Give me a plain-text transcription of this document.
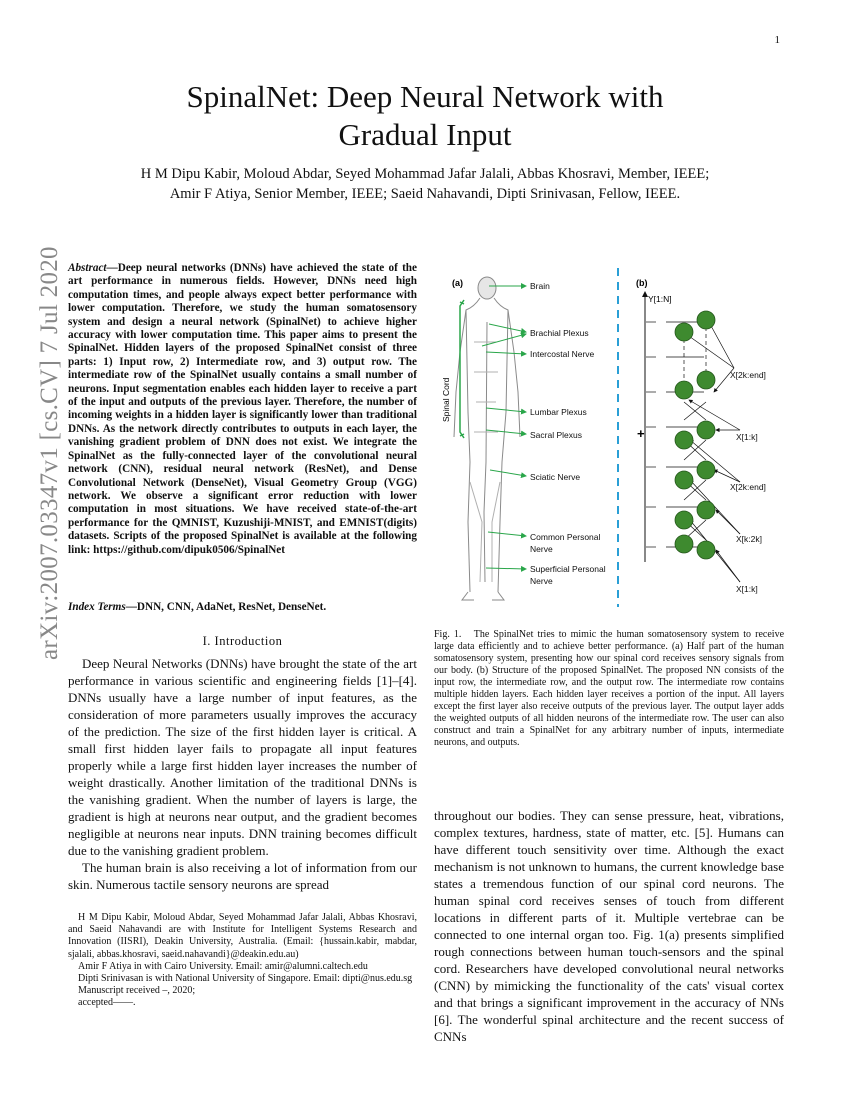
1
SpinalNet: Deep Neural Network with
Gradual Input
H M Dipu Kabir, Moloud Abdar, Seyed Mohammad Jafar Jalali, Abbas Khosravi, Member, IEEE;
Amir F Atiya, Senior Member, IEEE; Saeid Nahavandi, Dipti Srinivasan, Fellow, IEEE.
arXiv:2007.03347v1 [cs.CV] 7 Jul 2020 Abstract—Deep neural networks (DNNs) have achieved the state of the art performance in numerous fields. However, DNNs need high computation times, and people always expect better performance with lower computation. Therefore, we study the human somatosensory system and design a neural network (SpinalNet) to achieve higher accuracy with lower computation time. This paper aims to present the SpinalNet. Hidden layers of the proposed SpinalNet consist of three parts: 1) Input row, 2) Intermediate row, and 3) output row. The intermediate row of the SpinalNet usually contains a small number of neurons. Input segmentation enables each hidden layer to receive a part of the input and outputs of the previous layer. Therefore, the number of incoming weights in a hidden layer is significantly lower than traditional DNNs. As the network directly contributes to outputs in each layer, the vanishing gradient problem of DNN does not exist. We integrate the SpinalNet as the fully-connected layer of the convolutional neural network (CNN), residual neural network (ResNet), and Dense Convolutional Network (DenseNet), Visual Geometry Group (VGG) network. We observe a significant error reduction with lower computation in most situations. We have received state-of-the-art performance for the QMNIST, Kuzushiji-MNIST, and EMNIST(digits) datasets. Scripts of the proposed SpinalNet is available at the following link: https://github.com/dipuk0506/SpinalNet
Index Terms—DNN, CNN, AdaNet, ResNet, DenseNet.
I. Introduction

Deep Neural Networks (DNNs) have brought the state of the art performance in various scientific and engineering fields [1]–[4]. DNNs usually have a large number of input features, as the consideration of more parameters usually improves the accuracy of the prediction. The size of the first hidden layer is critical. A small first hidden layer fails to propagate all input features properly while a large first hidden layer increases the number of weight drastically. Another limitation of the traditional DNNs is the vanishing gradient. When the number of layers is large, the gradient is high at neurons near output, and the gradient becomes negligible at neurons near inputs. DNN training becomes difficult due to the vanishing gradient problem.

The human brain is also receiving a lot of information from our skin. Numerous tactile sensory neurons are spread

H M Dipu Kabir, Moloud Abdar, Seyed Mohammad Jafar Jalali, Abbas Khosravi, and Saeid Nahavandi are with Institute for Intelligent Systems Research and Innovation (IISRI), Deakin University, Australia. (Email: {hussain.kabir, mabdar, sjalali, abbas.khosravi, saeid.nahavandi}@deakin.edu.au)

Amir F Atiya in with Cairo University. Email: amir@alumni.caltech.edu

Dipti Srinivasan is with National University of Singapore. Email: dipti@nus.edu.sg

Manuscript received –, 2020;

accepted——.

(a)
Spinal Cord
Brain
Brachial Plexus
Intercostal Nerve
Lumbar Plexus
Sacral Plexus
Sciatic Nerve
Common Personal
Nerve
Superficial Personal
Nerve
(b)
Y[1:N]
+
X[2k:end]
X[1:k]
X[2k:end]
X[k:2k]
X[1:k]
Fig. 1. The SpinalNet tries to mimic the human somatosensory system to receive large data efficiently and to achieve better performance. (a) Half part of the human somatosensory system, presenting how our spinal cord receives sensory signals from our body. (b) Structure of the proposed SpinalNet. The proposed NN consists of the input row, the intermediate row, and the output row. The intermediate row contains multiple hidden layers. Each hidden layer receives a portion of the input. All layers except the first layer also receive outputs of the previous layer. The output layer adds the weighted outputs of all hidden neurons of the intermediate row. The user can also construct and train a SpinalNet for any arbitrary number of inputs, intermediate neurons, and outputs.

throughout our bodies. They can sense pressure, heat, vibrations, complex textures, hardness, state of matter, etc. [5]. Humans can have different touch sensitivity over time. Although the exact mechanism is not unknown to humans, the current knowledge base states a tremendous function of our spinal cord neurons. The human spinal cord receives senses of touch from different locations in different parts of it. Multiple vertebrae can be connected to one internal organ too. Fig. 1(a) presents simplified rough connections between human touch-sensors and the spinal cord. Researchers have developed convolutional neural networks (CNN) by mimicking the functionality of the cats' visual cortex and that brings a significant improvement in the accuracy of NNs [6]. The wonderful spinal architecture and the recent success of CNNs
